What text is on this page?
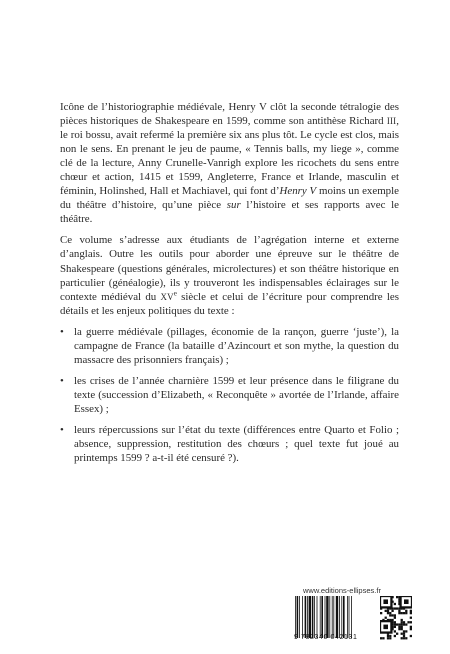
Icône de l’historiographie médiévale, Henry V clôt la seconde tétralogie des pièces historiques de Shakespeare en 1599, comme son antithèse Richard III, le roi bossu, avait refermé la première six ans plus tôt. Le cycle est clos, mais non le sens. En prenant le jeu de paume, « Tennis balls, my liege », comme clé de la lecture, Anny Crunelle-Vanrigh explore les ricochets du sens entre chœur et action, 1415 et 1599, Angleterre, France et Irlande, masculin et féminin, Holinshed, Hall et Machiavel, qui font d’Henry V moins un exemple du théâtre d’histoire, qu’une pièce sur l’histoire et ses rapports avec le théâtre.

Ce volume s’adresse aux étudiants de l’agrégation interne et externe d’anglais. Outre les outils pour aborder une épreuve sur le théâtre de Shakespeare (questions générales, microlectures) et son théâtre historique en particulier (généalogie), ils y trouveront les indispensables éclairages sur le contexte médiéval du XVe siècle et celui de l’écriture pour comprendre les détails et les enjeux politiques du texte :

• la guerre médiévale (pillages, économie de la rançon, guerre ‘juste’), la campagne de France (la bataille d’Azincourt et son mythe, la question du massacre des prisonniers français) ;
• les crises de l’année charnière 1599 et leur présence dans le filigrane du texte (succession d’Elizabeth, « Reconquête » avortée de l’Irlande, affaire Essex) ;
• leurs répercussions sur l’état du texte (différences entre Quarto et Folio ; absence, suppression, restitution des chœurs ; quel texte fut joué au printemps 1599 ? a-t-il été censuré ?).
www.editions-ellipses.fr
9 782340 042131
